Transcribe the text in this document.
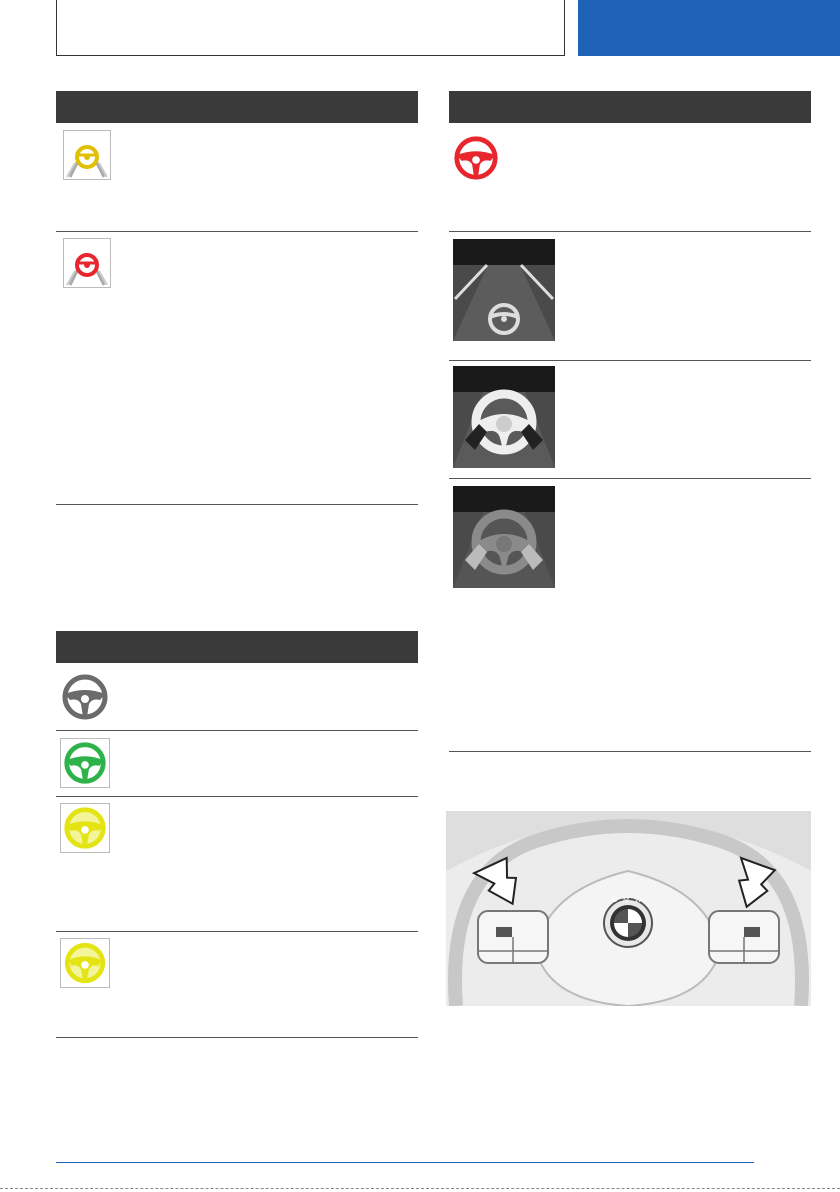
B M W
